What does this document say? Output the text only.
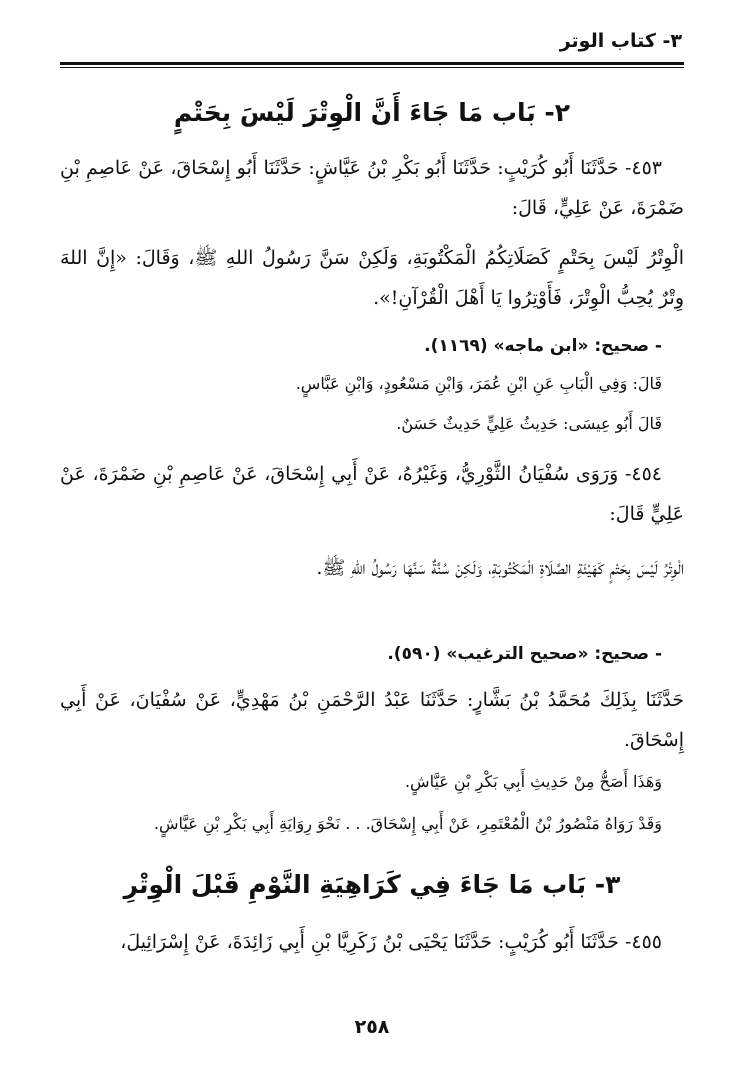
٣- كتاب الوتر
٢- بَاب مَا جَاءَ أَنَّ الْوِتْرَ لَيْسَ بِحَتْمٍ
٤٥٣- حَدَّثَنَا أَبُو كُرَيْبٍ: حَدَّثَنَا أَبُو بَكْرِ بْنُ عَيَّاشٍ: حَدَّثَنَا أَبُو إِسْحَاقَ، عَنْ عَاصِمِ بْنِ ضَمْرَةَ، عَنْ عَلِيٍّ، قَالَ:
الْوِتْرُ لَيْسَ بِحَتْمٍ كَصَلَاتِكُمُ الْمَكْتُوبَةِ، وَلَكِنْ سَنَّ رَسُولُ اللهِ ﷺ، وَقَالَ: «إِنَّ اللهَ وِتْرٌ يُحِبُّ الْوِتْرَ، فَأَوْتِرُوا يَا أَهْلَ الْقُرْآنِ!».
- صحيح: «ابن ماجه» (١١٦٩).
قَالَ: وَفِي الْبَابِ عَنِ ابْنِ عُمَرَ، وَابْنِ مَسْعُودٍ، وَابْنِ عَبَّاسٍ.
قَالَ أَبُو عِيسَى: حَدِيثُ عَلِيٍّ حَدِيثٌ حَسَنٌ.
٤٥٤- وَرَوَى سُفْيَانُ الثَّوْرِيُّ، وَغَيْرُهُ، عَنْ أَبِي إِسْحَاقَ، عَنْ عَاصِمِ بْنِ ضَمْرَةَ، عَنْ عَلِيٍّ قَالَ:
الْوِتْرُ لَيْسَ بِحَتْمٍ كَهَيْئَةِ الصَّلَاةِ الْمَكْتُوبَةِ، وَلَكِنْ سُنَّةٌ سَنَّهَا رَسُولُ اللهِ ﷺ.
- صحيح: «صحيح الترغيب» (٥٩٠).
حَدَّثَنَا بِذَلِكَ مُحَمَّدُ بْنُ بَشَّارٍ: حَدَّثَنَا عَبْدُ الرَّحْمَنِ بْنُ مَهْدِيٍّ، عَنْ سُفْيَانَ، عَنْ أَبِي إِسْحَاقَ.
وَهَذَا أَصَحُّ مِنْ حَدِيثِ أَبِي بَكْرِ بْنِ عَيَّاشٍ.
وَقَدْ رَوَاهُ مَنْصُورُ بْنُ الْمُعْتَمِرِ، عَنْ أَبِي إِسْحَاقَ. . . نَحْوَ رِوَايَةِ أَبِي بَكْرِ بْنِ عَيَّاشٍ.
٣- بَاب مَا جَاءَ فِي كَرَاهِيَةِ النَّوْمِ قَبْلَ الْوِتْرِ
٤٥٥- حَدَّثَنَا أَبُو كُرَيْبٍ: حَدَّثَنَا يَحْيَى بْنُ زَكَرِيَّا بْنِ أَبِي زَائِدَةَ، عَنْ إِسْرَائِيلَ،
٢٥٨
